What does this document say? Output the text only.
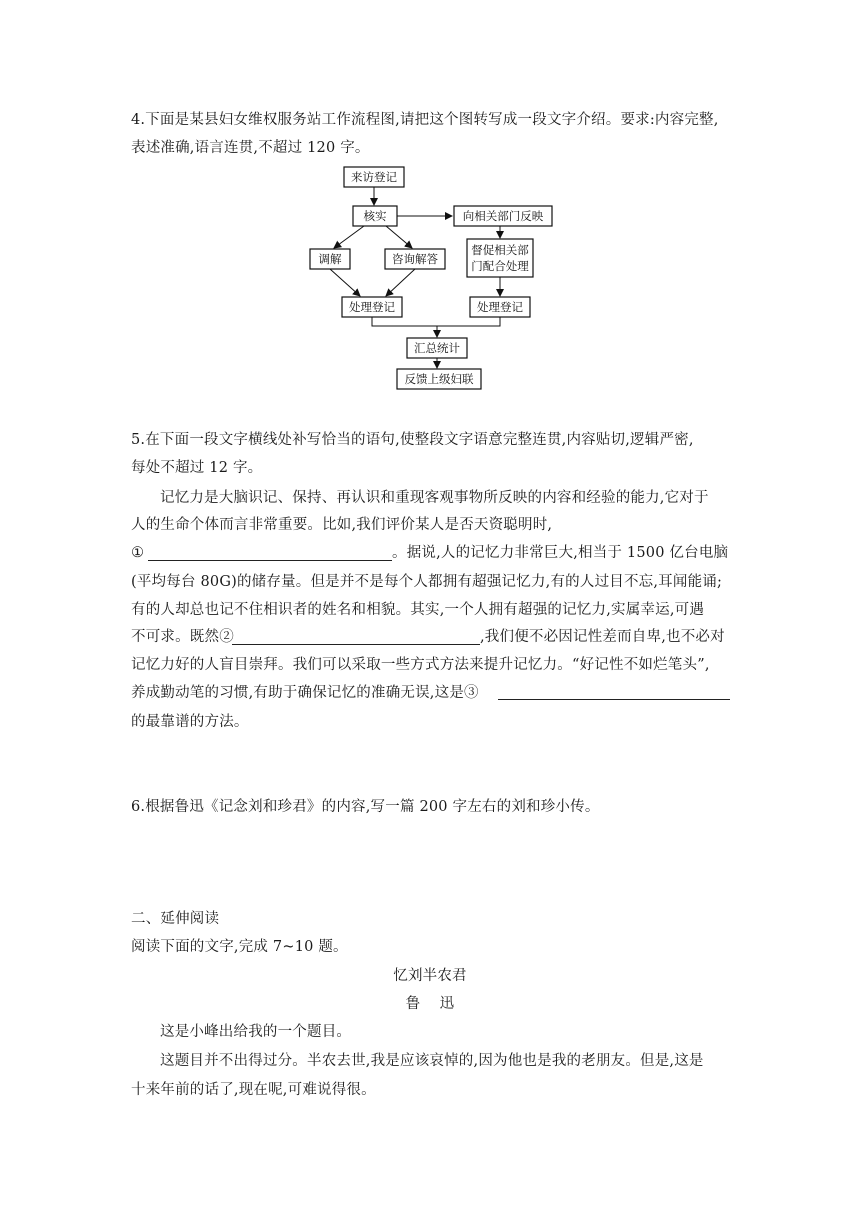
4.下面是某县妇女维权服务站工作流程图,请把这个图转写成一段文字介绍。要求:内容完整,
表述准确,语言连贯,不超过 120 字。
来访登记
核实	向相关部门反映
调解	咨询解答
督促相关部
门配合处理
处理登记	处理登记
汇总统计
反馈上级妇联
5.在下面一段文字横线处补写恰当的语句,使整段文字语意完整连贯,内容贴切,逻辑严密,
每处不超过 12 字。
记忆力是大脑识记、保持、再认识和重现客观事物所反映的内容和经验的能力,它对于
人的生命个体而言非常重要。比如,我们评价某人是否天资聪明时,
①	。据说,人的记忆力非常巨大,相当于 1500 亿台电脑
(平均每台 80G)的储存量。但是并不是每个人都拥有超强记忆力,有的人过目不忘,耳闻能诵;
有的人却总也记不住相识者的姓名和相貌。其实,一个人拥有超强的记忆力,实属幸运,可遇
不可求。既然②	,我们便不必因记性差而自卑,也不必对
记忆力好的人盲目崇拜。我们可以采取一些方式方法来提升记忆力。“好记性不如烂笔头”,
养成勤动笔的习惯,有助于确保记忆的准确无误,这是③
的最靠谱的方法。
6.根据鲁迅《记念刘和珍君》的内容,写一篇 200 字左右的刘和珍小传。
二、延伸阅读
阅读下面的文字,完成 7~10 题。
忆刘半农君
鲁    迅
这是小峰出给我的一个题目。
这题目并不出得过分。半农去世,我是应该哀悼的,因为他也是我的老朋友。但是,这是
十来年前的话了,现在呢,可难说得很。
